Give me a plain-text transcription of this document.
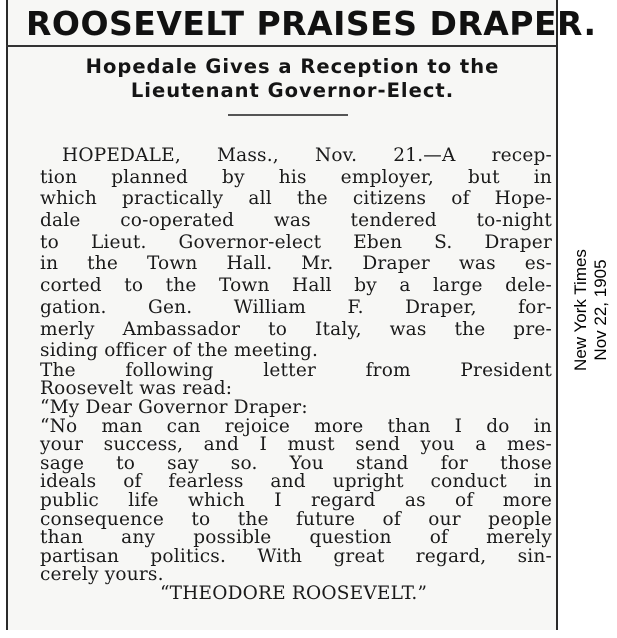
ROOSEVELT PRAISES DRAPER.
Hopedale Gives a Reception to the
Lieutenant Governor-Elect.
HOPEDALE, Mass., Nov. 21.—A recep-
tion planned by his employer, but in
which practically all the citizens of Hope-
dale co-operated was tendered to-night
to Lieut. Governor-elect Eben S. Draper
in the Town Hall. Mr. Draper was es-
corted to the Town Hall by a large dele-
gation. Gen. William F. Draper, for-
merly Ambassador to Italy, was the pre-
siding officer of the meeting.
The following letter from President
Roosevelt was read:
“My Dear Governor Draper:
“No man can rejoice more than I do in
your success, and I must send you a mes-
sage to say so. You stand for those
ideals of fearless and upright conduct in
public life which I regard as of more
consequence to the future of our people
than any possible question of merely
partisan politics. With great regard, sin-
cerely yours.
“THEODORE ROOSEVELT.”
New York Times Nov 22, 1905
